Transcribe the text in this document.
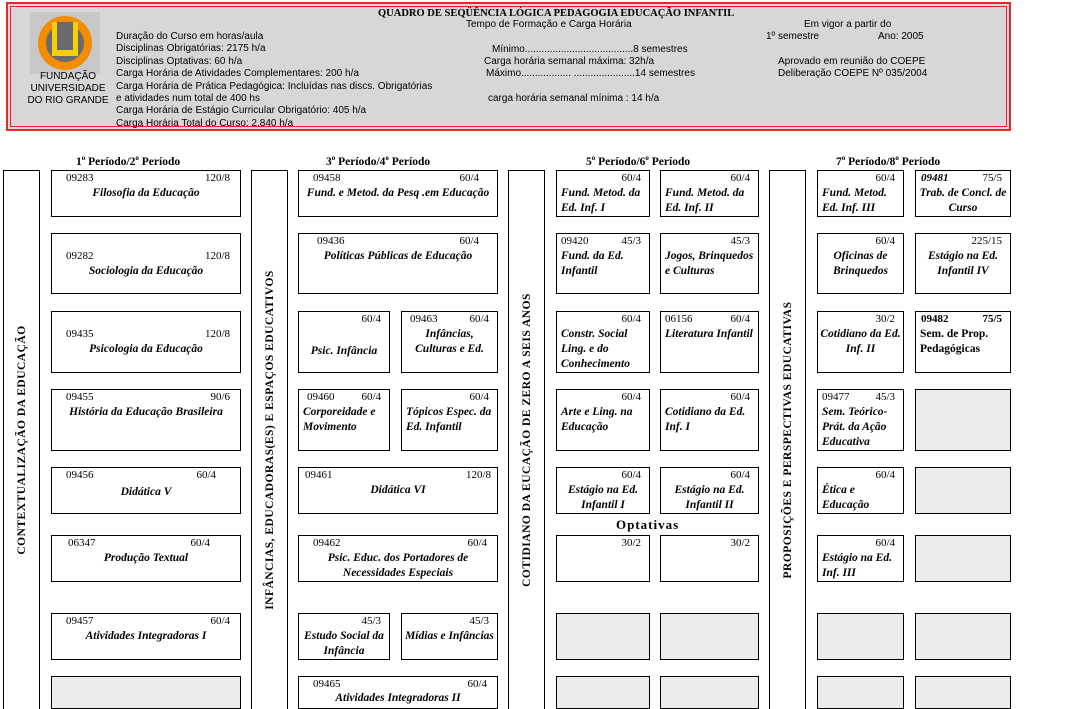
FUNDAÇÃO
UNIVERSIDADE
DO RIO GRANDE
QUADRO DE SEQÜÊNCIA LÓGICA PEDAGOGIA EDUCAÇÃO INFANTIL
Tempo de Formação e Carga Horária	Em vigor a partir do
1º semestre	Ano: 2005
Duração do Curso em horas/aula
Disciplinas Obrigatórias: 2175 h/a
Disciplinas Optativas: 60 h/a
Carga Horária de Atividades Complementares: 200 h/a
Carga Horária de Prática Pedagógica: Incluídas nas discs. Obrigatórias
e atividades num total de 400 hs
Carga Horária de Estágio Curricular Obrigatório: 405 h/a
Carga Horária Total do Curso: 2.840 h/a
Mínimo.......................................8 semestres
Carga horária semanal máxima: 32h/a
Máximo.................. ......................14 semestres
carga horária semanal mínima : 14 h/a
Aprovado em reunião do COEPE
Deliberação COEPE Nº 035/2004
1$^o$ Período/2$^o$ Período	3$^o$ Período/4$^o$ Período	5$^o$ Período/6$^o$ Período	7$^o$ Período/8$^o$ Período
CONTEXTUALIZAÇÃO DA EDUCAÇÃO	INFÂNCIAS, EDUCADORAS(ES) E ESPAÇOS EDUCATIVOS	COTIDIANO DA EUCAÇÃO DE ZERO A SEIS ANOS	PROPOSIÇÕES E PERSPECTIVAS EDUCATIVAS
09283	120/8
Filosofia da Educação
09282	120/8
Sociologia da Educação
09435	120/8
Psicologia da Educação
09455	90/6
História da Educação Brasileira
09456	60/4
Didática V
06347	60/4
Produção Textual
09457	60/4
Atividades Integradoras I
09458	60/4
Fund. e Metod. da Pesq .em Educação
09436	60/4
Políticas Públicas de Educação
60/4
Psic. Infância
09463	60/4
Infâncias, Culturas e Ed.
09460 60/4
Corporeidade e Movimento
60/4
Tópicos Espec. da Ed. Infantil
09461	120/8
Didática VI
09462	60/4
Psic. Educ. dos Portadores de Necessidades Especiais
45/3
Estudo Social da Infância
45/3
Mídias e Infâncias
09465	60/4
Atividades Integradoras II
60/4
Fund. Metod. da Ed. Inf. I
60/4
Fund. Metod. da Ed. Inf. II
09420	45/3
Fund. da Ed. Infantil
45/3
Jogos, Brinquedos e Culturas
60/4
Constr. Social Ling. e do Conhecimento
06156	60/4
Literatura Infantil
60/4
Arte e Ling. na Educação
60/4
Cotidiano da Ed. Inf. I
60/4
Estágio na Ed. Infantil I
60/4
Estágio na Ed. Infantil II
Optativas
30/2	30/2
60/4
Fund. Metod. Ed. Inf. III
09481	75/5
Trab. de Concl. de Curso
60/4
Oficinas de Brinquedos
225/15
Estágio na Ed. Infantil IV
30/2
Cotidiano da Ed. Inf. II
09482	75/5
Sem. de Prop. Pedagógicas
09477 45/3
Sem. Teórico-Prát. da Ação Educativa
60/4
Ética e Educação
60/4
Estágio na Ed. Inf. III
